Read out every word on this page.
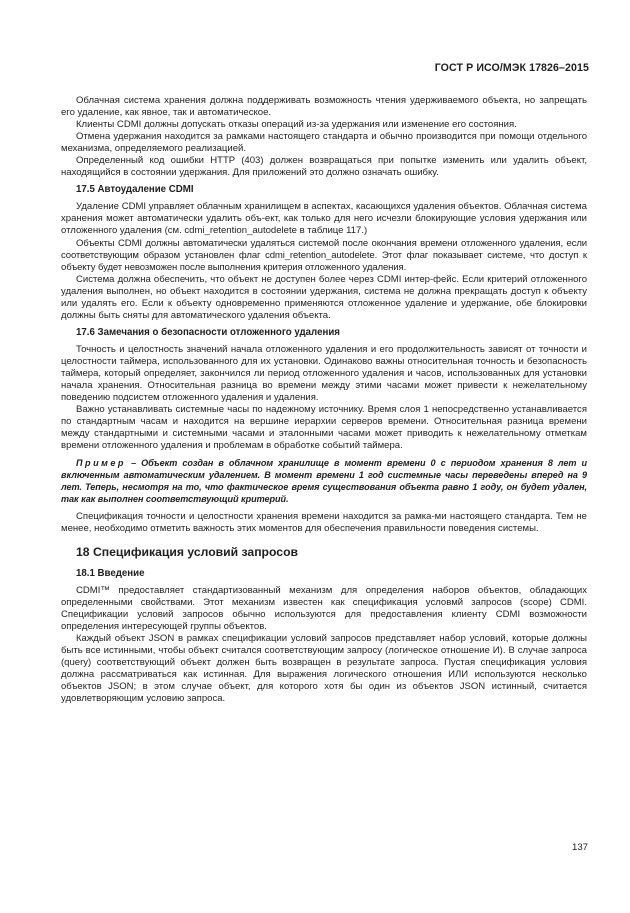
ГОСТ Р ИСО/МЭК 17826–2015

Облачная система хранения должна поддерживать возможность чтения удерживаемого объекта, но запрещать его удаление, как явное, так и автоматическое.

Клиенты CDMI должны допускать отказы операций из-за удержания или изменение его состояния.

Отмена удержания находится за рамками настоящего стандарта и обычно производится при помощи отдельного механизма, определяемого реализацией.

Определенный код ошибки HTTP (403) должен возвращаться при попытке изменить или удалить объект, находящийся в состоянии удержания. Для приложений это должно означать ошибку.

17.5 Автоудаление CDMI

Удаление CDMI управляет облачным хранилищем в аспектах, касающихся удаления объектов. Облачная система хранения может автоматически удалить объ-ект, как только для него исчезли блокирующие условия удержания или отложенного удаления (см. cdmi_retention_autodelete в таблице 117.)

Объекты CDMI должны автоматически удаляться системой после окончания времени отложенного удаления, если соответствующим образом установлен флаг cdmi_retention_autodelete. Этот флаг показывает системе, что доступ к объекту будет невозможен после выполнения критерия отложенного удаления.

Система должна обеспечить, что объект не доступен более через CDMI интер-фейс. Если критерий отложенного удаления выполнен, но объект находится в состоянии удержания, система не должна прекращать доступ к объекту или удалять его. Если к объекту одновременно применяются отложенное удаление и удержание, обе блокировки должны быть сняты для автоматического удаления объекта.

17.6 Замечания о безопасности отложенного удаления

Точность и целостность значений начала отложенного удаления и его продолжительность зависят от точности и целостности таймера, использованного для их установки. Одинаково важны относительная точность и безопасность таймера, который определяет, закончился ли период отложенного удаления и часов, использованных для установки начала хранения. Относительная разница во времени между этими часами может привести к нежелательному поведению подсистем отложенного удаления и удаления.

Важно устанавливать системные часы по надежному источнику. Время слоя 1 непосредственно устанавливается по стандартным часам и находится на вершине иерархии серверов времени. Относительная разница времени между стандартными и системными часами и эталонными часами может приводить к нежелательному отметкам времени отложенного удаления и проблемам в обработке событий таймера.

Пример – Объект создан в облачном хранилище в момент времени 0 с периодом хранения 8 лет и включенным автоматическим удалением. В момент времени 1 год системные часы переведены вперед на 9 лет. Теперь, несмотря на то, что фактическое время существования объекта равно 1 году, он будет удален, так как выполнен соответствующий критерий.

Спецификация точности и целостности хранения времени находится за рамка-ми настоящего стандарта. Тем не менее, необходимо отметить важность этих моментов для обеспечения правильности поведения системы.

18 Спецификация условий запросов
18.1 Введение

CDMI™ предоставляет стандартизованный механизм для определения наборов объектов, обладающих определенными свойствами. Этот механизм известен как спецификация условмй запросов (scope) CDMI. Спецификации условий запросов обычно используются для предоставления клиенту CDMI возможности определения интересующей группы объектов.

Каждый объект JSON в рамках спецификации условий запросов представляет набор условий, которые должны быть все истинными, чтобы объект считался соответствующим запросу (логическое отношение И). В случае запроса (query) соответствующий объект должен быть возвращен в результате запроса. Пустая спецификация условия должна рассматриваться как истинная. Для выражения логического отношения ИЛИ используются несколько объектов JSON; в этом случае объект, для которого хотя бы один из объектов JSON истинный, считается удовлетворяющим условию запроса.

137
